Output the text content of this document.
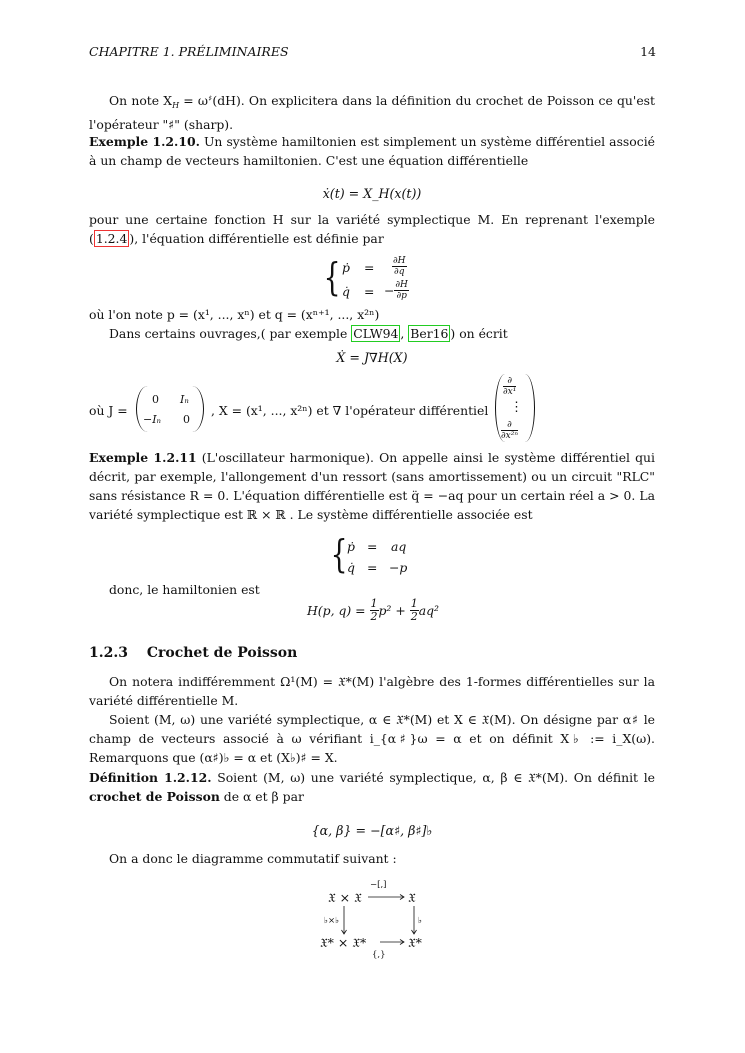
CHAPITRE 1. PRÉLIMINAIRES	14
On note $X_H = \omega^♯(dH)$. On explicitera dans la définition du crochet de Poisson ce qu'est l'opérateur "♯" (sharp).
Exemple 1.2.10. Un système hamiltonien est simplement un système différentiel associé à un champ de vecteurs hamiltonien. C'est une équation différentielle
ẋ(t) = X_H(x(t))
pour une certaine fonction H sur la variété symplectique M. En reprenant l'exemple ( 1.2.4 ), l'équation différentielle est définie par
{ ṗ = $\frac{\partial H}{\partial q}$
q̇ = − $\frac{\partial H}{\partial p}$
où l'on note p = (x¹, ..., xⁿ) et q = (xⁿ⁺¹, ..., x²ⁿ)
Dans certains ouvrages,( par exemple CLW94 , Ber16 ) on écrit
Ẋ = J∇H(X)
où J =
0 Iₙ
−Iₙ 0
, X = (x¹, ..., x²ⁿ) et ∇ l'opérateur différentiel
$\frac{\partial}{\text{∂x¹}}$
⋮
$\frac{\partial}{\text{∂x²ⁿ}}$
Exemple 1.2.11 (L'oscillateur harmonique). On appelle ainsi le système différentiel qui décrit, par exemple, l'allongement d'un ressort (sans amortissement) ou un circuit "RLC" sans résistance R = 0. L'équation différentielle est q̈ = −aq pour un certain réel a > 0. La variété symplectique est ℝ × ℝ . Le système différentielle associée est
{ ṗ = aq
q̇ = −p
donc, le hamiltonien est
H(p, $q) = \frac{1}{2} p^2 + \frac{1}{2} aq^2$
1.2.3 Crochet de Poisson
On notera indifféremment Ω¹(M) = 𝔛*(M) l'algèbre des 1-formes différentielles sur la variété différentielle M.
Soient (M, ω) une variété symplectique, α ∈ 𝔛*(M) et X ∈ 𝔛(M). On désigne par α♯ le champ de vecteurs associé à ω vérifiant i_{α♯}ω = α et on définit X♭ := i_X(ω). Remarquons que (α♯)♭ = α et (X♭)♯ = X.
Définition 1.2.12. Soient (M, ω) une variété symplectique, α, β ∈ 𝔛*(M). On définit le crochet de Poisson de α et β par
{α, β} = −[α♯, β♯]♭
On a donc le diagramme commutatif suivant :
𝔛 × 𝔛	𝔛
−[,]
𝔛* × 𝔛*	𝔛*
{,}
♭×♭	♭
